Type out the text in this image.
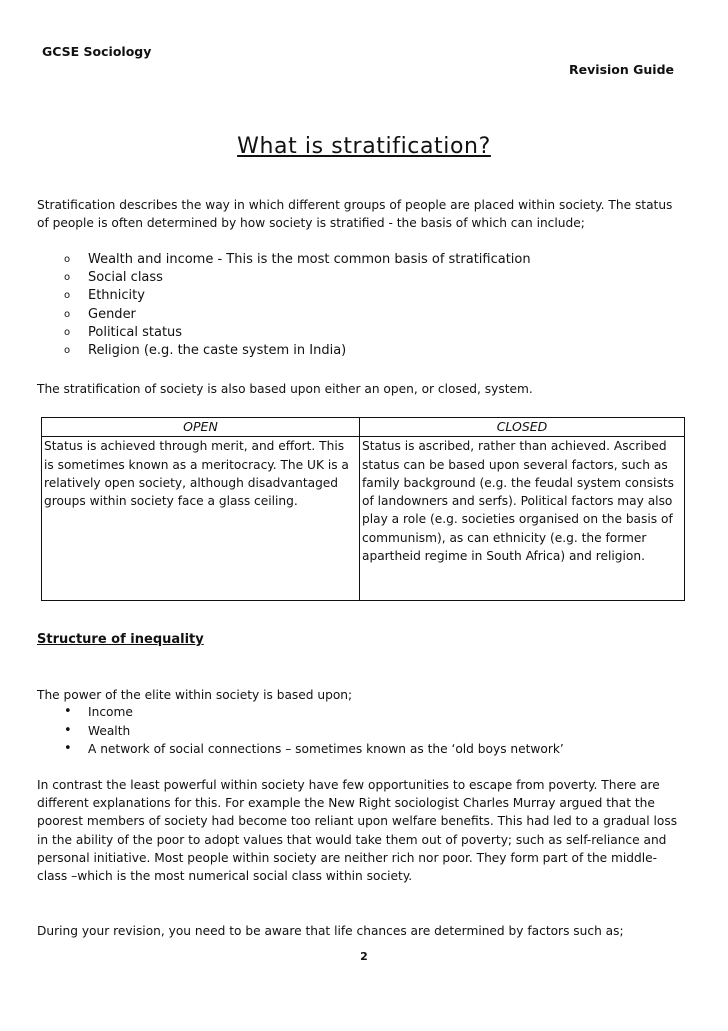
GCSE Sociology
Revision Guide
What is stratification?
Stratification describes the way in which different groups of people are placed within society. The status of people is often determined by how society is stratified - the basis of which can include;
o Wealth and income - This is the most common basis of stratification
o Social class
o Ethnicity
o Gender
o Political status
o Religion (e.g. the caste system in India)
The stratification of society is also based upon either an open, or closed, system.
OPEN	CLOSED
Status is achieved through merit, and effort. This is sometimes known as a meritocracy. The UK is a relatively open society, although disadvantaged groups within society face a glass ceiling.	Status is ascribed, rather than achieved. Ascribed status can be based upon several factors, such as family background (e.g. the feudal system consists of landowners and serfs). Political factors may also play a role (e.g. societies organised on the basis of communism), as can ethnicity (e.g. the former apartheid regime in South Africa) and religion.
Structure of inequality
The power of the elite within society is based upon;
• Income
• Wealth
• A network of social connections – sometimes known as the ‘old boys network’
In contrast the least powerful within society have few opportunities to escape from poverty. There are different explanations for this. For example the New Right sociologist Charles Murray argued that the poorest members of society had become too reliant upon welfare benefits. This had led to a gradual loss in the ability of the poor to adopt values that would take them out of poverty; such as self-reliance and personal initiative. Most people within society are neither rich nor poor. They form part of the middle-class –which is the most numerical social class within society.
During your revision, you need to be aware that life chances are determined by factors such as;
2
